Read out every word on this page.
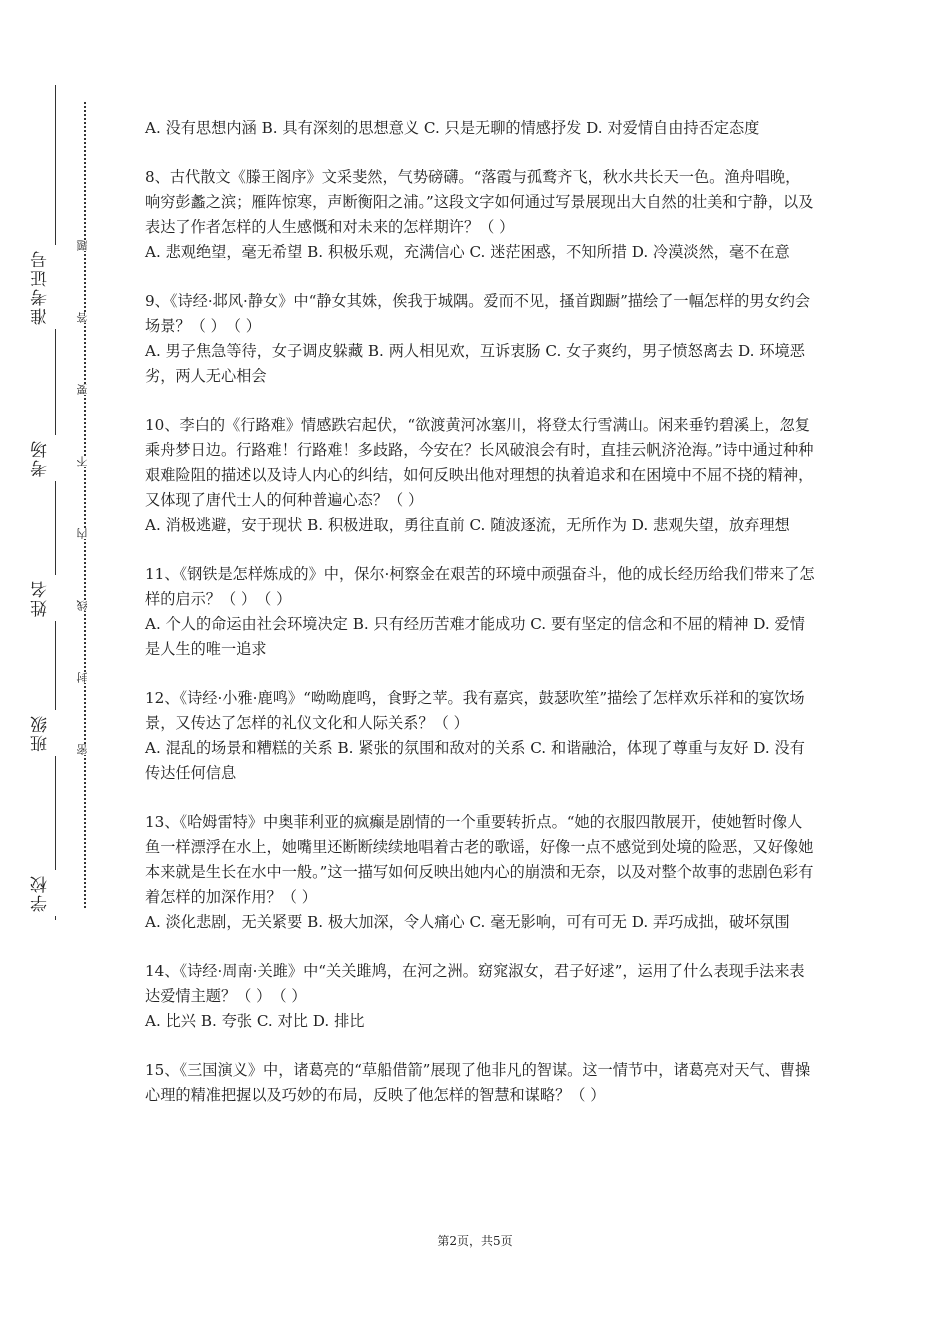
准考证号
考场
姓名
班级
学校
题
答
要
不
内
线
封
密

A. 没有思想内涵 B. 具有深刻的思想意义 C. 只是无聊的情感抒发 D. 对爱情自由持否定态度

8、古代散文《滕王阁序》文采斐然，气势磅礴。“落霞与孤鹜齐飞，秋水共长天一色。渔舟唱晚，响穷彭蠡之滨；雁阵惊寒，声断衡阳之浦。”这段文字如何通过写景展现出大自然的壮美和宁静，以及表达了作者怎样的人生感慨和对未来的怎样期许？（ ）

A. 悲观绝望，毫无希望 B. 积极乐观，充满信心 C. 迷茫困惑，不知所措 D. 冷漠淡然，毫不在意

9、《诗经·邶风·静女》中“静女其姝，俟我于城隅。爱而不见，搔首踟蹰”描绘了一幅怎样的男女约会场景？（ ）　（ ）

A. 男子焦急等待，女子调皮躲藏 B. 两人相见欢，互诉衷肠 C. 女子爽约，男子愤怒离去 D. 环境恶劣，两人无心相会

10、李白的《行路难》情感跌宕起伏，“欲渡黄河冰塞川，将登太行雪满山。闲来垂钓碧溪上，忽复乘舟梦日边。行路难！行路难！多歧路，今安在？长风破浪会有时，直挂云帆济沧海。”诗中通过种种艰难险阻的描述以及诗人内心的纠结，如何反映出他对理想的执着追求和在困境中不屈不挠的精神，又体现了唐代士人的何种普遍心态？（ ）

A. 消极逃避，安于现状 B. 积极进取，勇往直前 C. 随波逐流，无所作为 D. 悲观失望，放弃理想

11、《钢铁是怎样炼成的》中，保尔·柯察金在艰苦的环境中顽强奋斗，他的成长经历给我们带来了怎样的启示？（ ）　（ ）

A. 个人的命运由社会环境决定 B. 只有经历苦难才能成功 C. 要有坚定的信念和不屈的精神 D. 爱情是人生的唯一追求

12、《诗经·小雅·鹿鸣》“呦呦鹿鸣，食野之苹。我有嘉宾，鼓瑟吹笙”描绘了怎样欢乐祥和的宴饮场景，又传达了怎样的礼仪文化和人际关系？（ ）

A. 混乱的场景和糟糕的关系 B. 紧张的氛围和敌对的关系 C. 和谐融洽，体现了尊重与友好 D. 没有传达任何信息

13、《哈姆雷特》中奥菲利亚的疯癫是剧情的一个重要转折点。“她的衣服四散展开，使她暂时像人鱼一样漂浮在水上，她嘴里还断断续续地唱着古老的歌谣，好像一点不感觉到处境的险恶，又好像她本来就是生长在水中一般。”这一描写如何反映出她内心的崩溃和无奈，以及对整个故事的悲剧色彩有着怎样的加深作用？（ ）

A. 淡化悲剧，无关紧要 B. 极大加深，令人痛心 C. 毫无影响，可有可无 D. 弄巧成拙，破坏氛围

14、《诗经·周南·关雎》中“关关雎鸠，在河之洲。窈窕淑女，君子好逑”，运用了什么表现手法来表达爱情主题？（ ）　（ ）

A. 比兴 B. 夸张 C. 对比 D. 排比

15、《三国演义》中，诸葛亮的“草船借箭”展现了他非凡的智谋。这一情节中，诸葛亮对天气、曹操心理的精准把握以及巧妙的布局，反映了他怎样的智慧和谋略？（ ）

第2页，共5页
